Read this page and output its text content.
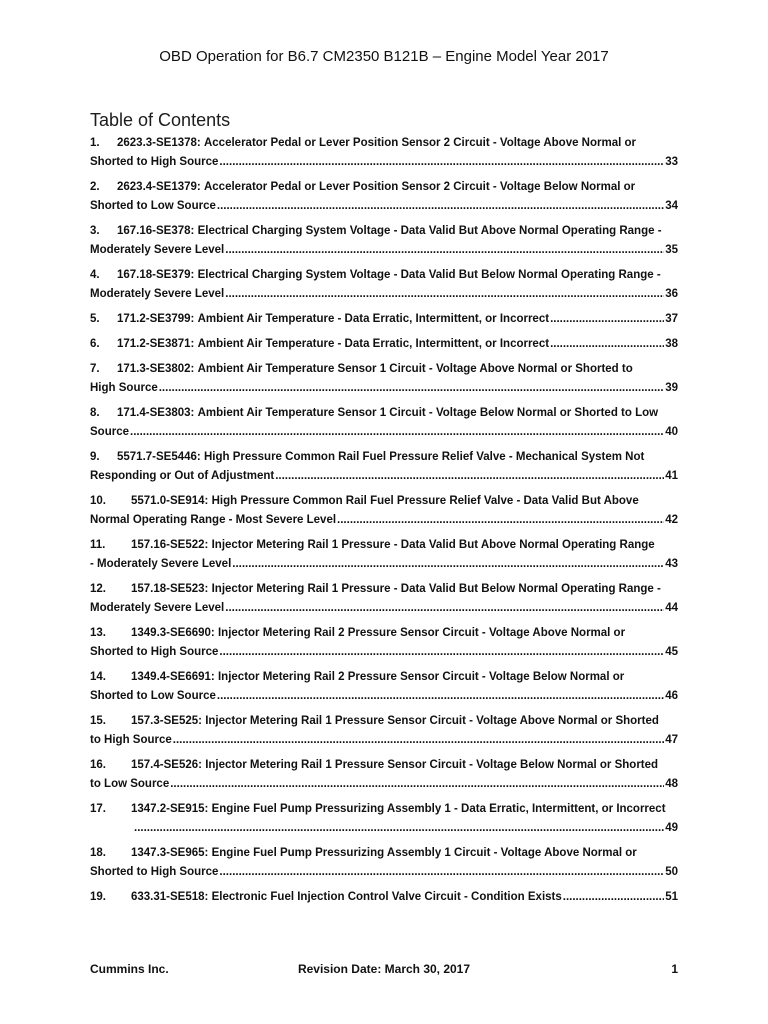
OBD Operation for B6.7 CM2350 B121B – Engine Model Year 2017
Table of Contents
1.	2623.3-SE1378: Accelerator Pedal or Lever Position Sensor 2 Circuit - Voltage Above Normal or
Shorted to High Source .....	33
2.	2623.4-SE1379: Accelerator Pedal or Lever Position Sensor 2 Circuit - Voltage Below Normal or
Shorted to Low Source .....	34
3.	167.16-SE378: Electrical Charging System Voltage - Data Valid But Above Normal Operating Range -
Moderately Severe Level .....	35
4.	167.18-SE379: Electrical Charging System Voltage - Data Valid But Below Normal Operating Range -
Moderately Severe Level .....	36
5.	171.2-SE3799: Ambient Air Temperature - Data Erratic, Intermittent, or Incorrect .....	37
6.	171.2-SE3871: Ambient Air Temperature - Data Erratic, Intermittent, or Incorrect .....	38
7.	171.3-SE3802: Ambient Air Temperature Sensor 1 Circuit - Voltage Above Normal or Shorted to
High Source .....	39
8.	171.4-SE3803: Ambient Air Temperature Sensor 1 Circuit - Voltage Below Normal or Shorted to Low
Source .....	40
9.	5571.7-SE5446: High Pressure Common Rail Fuel Pressure Relief Valve - Mechanical System Not
Responding or Out of Adjustment .....	41
10.	5571.0-SE914: High Pressure Common Rail Fuel Pressure Relief Valve - Data Valid But Above
Normal Operating Range - Most Severe Level .....	42
11.	157.16-SE522: Injector Metering Rail 1 Pressure - Data Valid But Above Normal Operating Range
- Moderately Severe Level .....	43
12.	157.18-SE523: Injector Metering Rail 1 Pressure - Data Valid But Below Normal Operating Range -
Moderately Severe Level .....	44
13.	1349.3-SE6690: Injector Metering Rail 2 Pressure Sensor Circuit - Voltage Above Normal or
Shorted to High Source .....	45
14.	1349.4-SE6691: Injector Metering Rail 2 Pressure Sensor Circuit - Voltage Below Normal or
Shorted to Low Source .....	46
15.	157.3-SE525: Injector Metering Rail 1 Pressure Sensor Circuit - Voltage Above Normal or Shorted
to High Source .....	47
16.	157.4-SE526: Injector Metering Rail 1 Pressure Sensor Circuit - Voltage Below Normal or Shorted
to Low Source .....	48
17.	1347.2-SE915: Engine Fuel Pump Pressurizing Assembly 1 - Data Erratic, Intermittent, or Incorrect
.....
49
18.	1347.3-SE965: Engine Fuel Pump Pressurizing Assembly 1 Circuit - Voltage Above Normal or
Shorted to High Source .....	50
19.	633.31-SE518: Electronic Fuel Injection Control Valve Circuit - Condition Exists .....	51
Cummins Inc.	Revision Date: March 30, 2017	1
